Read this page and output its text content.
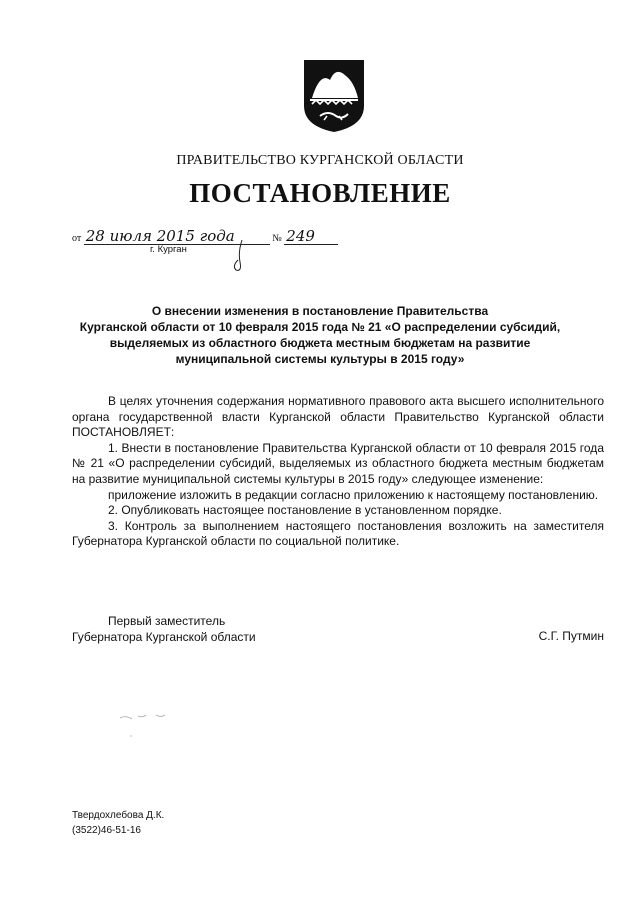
ПРАВИТЕЛЬСТВО КУРГАНСКОЙ ОБЛАСТИ
ПОСТАНОВЛЕНИЕ
от 28 июля 2015 года	№ 249
г. Курган
О внесении изменения в постановление Правительства
Курганской области от 10 февраля 2015 года № 21 «О распределении субсидий,
выделяемых из областного бюджета местным бюджетам на развитие
муниципальной системы культуры в 2015 году»

В целях уточнения содержания нормативного правового акта высшего исполнительного органа государственной власти Курганской области Правительство Курганской области ПОСТАНОВЛЯЕТ:

1. Внести в постановление Правительства Курганской области от 10 февраля 2015 года № 21 «О распределении субсидий, выделяемых из областного бюджета местным бюджетам на развитие муниципальной системы культуры в 2015 году» следующее изменение:

приложение изложить в редакции согласно приложению к настоящему постановлению.

2. Опубликовать настоящее постановление в установленном порядке.

3. Контроль за выполнением настоящего постановления возложить на заместителя Губернатора Курганской области по социальной политике.

Первый заместитель
Губернатора Курганской области	С.Г. Путмин
Твердохлебова Д.К.
(3522)46-51-16
